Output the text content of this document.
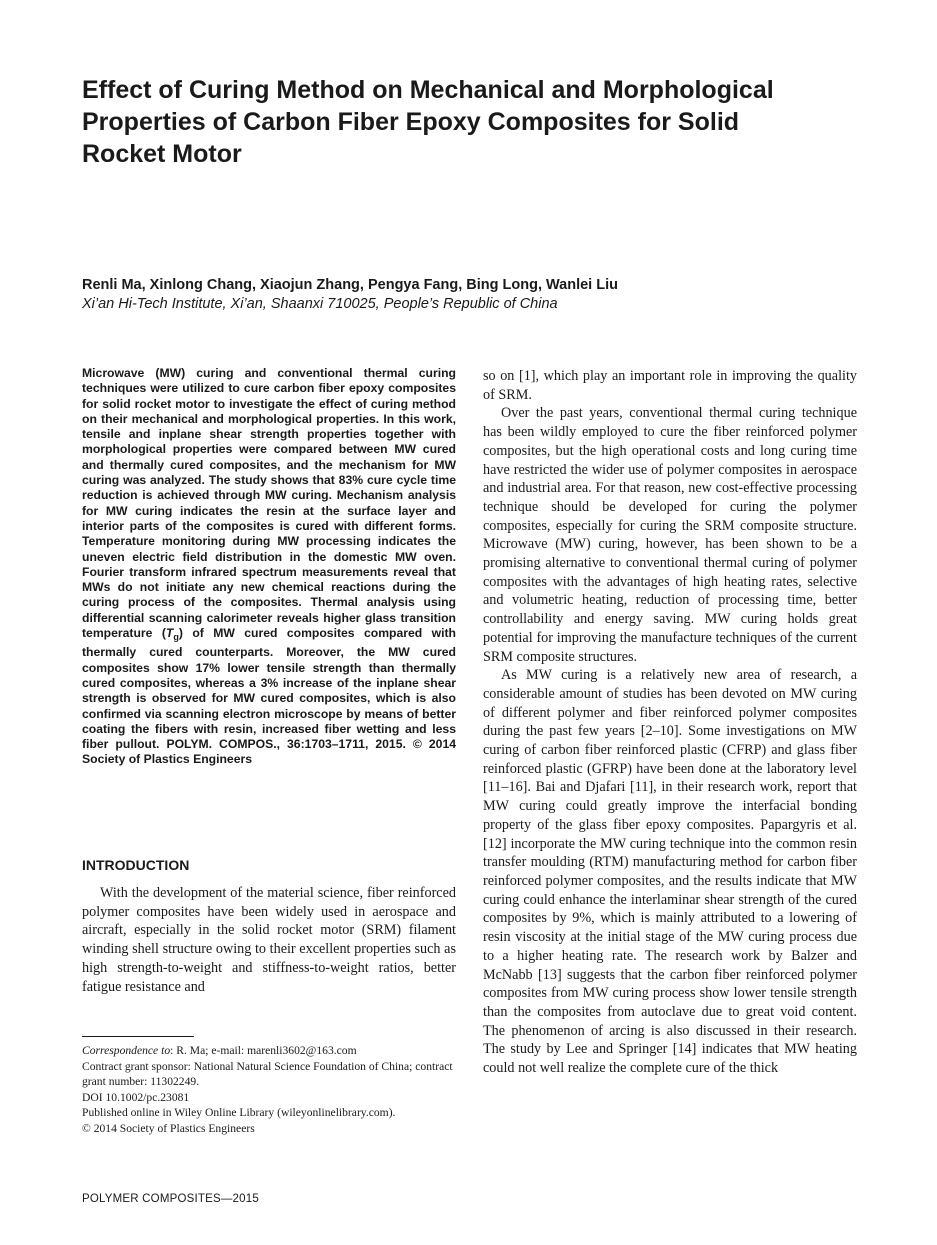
Effect of Curing Method on Mechanical and Morphological Properties of Carbon Fiber Epoxy Composites for Solid Rocket Motor

Renli Ma, Xinlong Chang, Xiaojun Zhang, Pengya Fang, Bing Long, Wanlei Liu

Xi’an Hi-Tech Institute, Xi’an, Shaanxi 710025, People’s Republic of China

Microwave (MW) curing and conventional thermal curing techniques were utilized to cure carbon fiber epoxy composites for solid rocket motor to investigate the effect of curing method on their mechanical and morphological properties. In this work, tensile and inplane shear strength properties together with morphological properties were compared between MW cured and thermally cured composites, and the mechanism for MW curing was analyzed. The study shows that 83% cure cycle time reduction is achieved through MW curing. Mechanism analysis for MW curing indicates the resin at the surface layer and interior parts of the composites is cured with different forms. Temperature monitoring during MW processing indicates the uneven electric field distribution in the domestic MW oven. Fourier transform infrared spectrum measurements reveal that MWs do not initiate any new chemical reactions during the curing process of the composites. Thermal analysis using differential scanning calorimeter reveals higher glass transition temperature $(T_g)$ of MW cured composites compared with thermally cured counterparts. Moreover, the MW cured composites show 17% lower tensile strength than thermally cured composites, whereas a 3% increase of the inplane shear strength is observed for MW cured composites, which is also confirmed via scanning electron microscope by means of better coating the fibers with resin, increased fiber wetting and less fiber pullout. POLYM. COMPOS., 36:1703–1711, 2015. © 2014 Society of Plastics Engineers

INTRODUCTION

With the development of the material science, fiber reinforced polymer composites have been widely used in aerospace and aircraft, especially in the solid rocket motor (SRM) filament winding shell structure owing to their excellent properties such as high strength-to-weight and stiffness-to-weight ratios, better fatigue resistance and

Correspondence to: R. Ma; e-mail: marenli3602@163.com
Contract grant sponsor: National Natural Science Foundation of China; contract grant number: 11302249.
DOI 10.1002/pc.23081
Published online in Wiley Online Library (wileyonlinelibrary.com).
© 2014 Society of Plastics Engineers

so on [1], which play an important role in improving the quality of SRM.

Over the past years, conventional thermal curing technique has been wildly employed to cure the fiber reinforced polymer composites, but the high operational costs and long curing time have restricted the wider use of polymer composites in aerospace and industrial area. For that reason, new cost-effective processing technique should be developed for curing the polymer composites, especially for curing the SRM composite structure. Microwave (MW) curing, however, has been shown to be a promising alternative to conventional thermal curing of polymer composites with the advantages of high heating rates, selective and volumetric heating, reduction of processing time, better controllability and energy saving. MW curing holds great potential for improving the manufacture techniques of the current SRM composite structures.

As MW curing is a relatively new area of research, a considerable amount of studies has been devoted on MW curing of different polymer and fiber reinforced polymer composites during the past few years [2–10]. Some investigations on MW curing of carbon fiber reinforced plastic (CFRP) and glass fiber reinforced plastic (GFRP) have been done at the laboratory level [11–16]. Bai and Djafari [11], in their research work, report that MW curing could greatly improve the interfacial bonding property of the glass fiber epoxy composites. Papargyris et al. [12] incorporate the MW curing technique into the common resin transfer moulding (RTM) manufacturing method for carbon fiber reinforced polymer composites, and the results indicate that MW curing could enhance the interlaminar shear strength of the cured composites by 9%, which is mainly attributed to a lowering of resin viscosity at the initial stage of the MW curing process due to a higher heating rate. The research work by Balzer and McNabb [13] suggests that the carbon fiber reinforced polymer composites from MW curing process show lower tensile strength than the composites from autoclave due to great void content. The phenomenon of arcing is also discussed in their research. The study by Lee and Springer [14] indicates that MW heating could not well realize the complete cure of the thick

POLYMER COMPOSITES—2015
